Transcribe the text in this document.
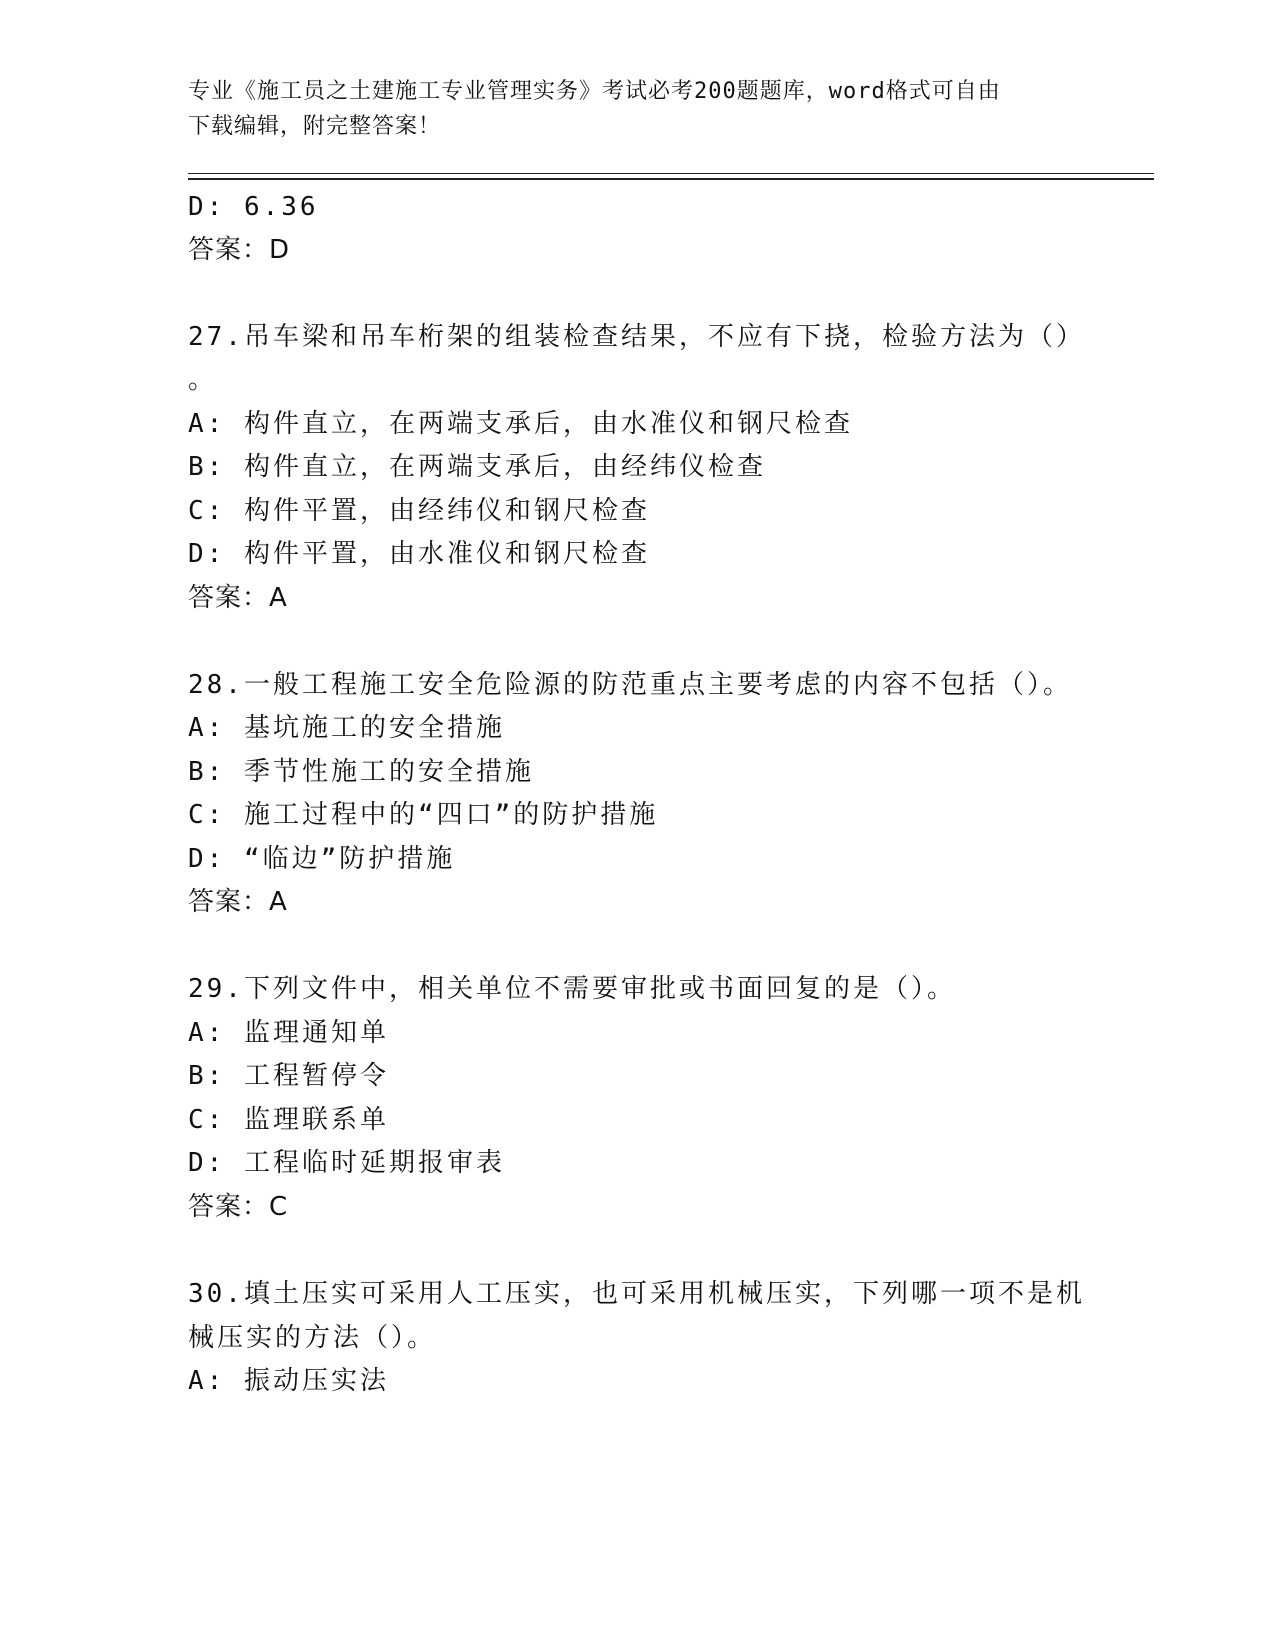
专业《施工员之土建施工专业管理实务》考试必考200题题库，word格式可自由
下载编辑，附完整答案！
D: 6.36
答案：D
27.吊车梁和吊车桁架的组装检查结果，不应有下挠，检验方法为（）
。
A: 构件直立，在两端支承后，由水准仪和钢尺检查
B: 构件直立，在两端支承后，由经纬仪检查
C: 构件平置，由经纬仪和钢尺检查
D: 构件平置，由水准仪和钢尺检查
答案：A
28.一般工程施工安全危险源的防范重点主要考虑的内容不包括（）。
A: 基坑施工的安全措施
B: 季节性施工的安全措施
C: 施工过程中的“四口”的防护措施
D: “临边”防护措施
答案：A
29.下列文件中，相关单位不需要审批或书面回复的是（）。
A: 监理通知单
B: 工程暂停令
C: 监理联系单
D: 工程临时延期报审表
答案：C
30.填土压实可采用人工压实，也可采用机械压实，下列哪一项不是机
械压实的方法（）。
A: 振动压实法
